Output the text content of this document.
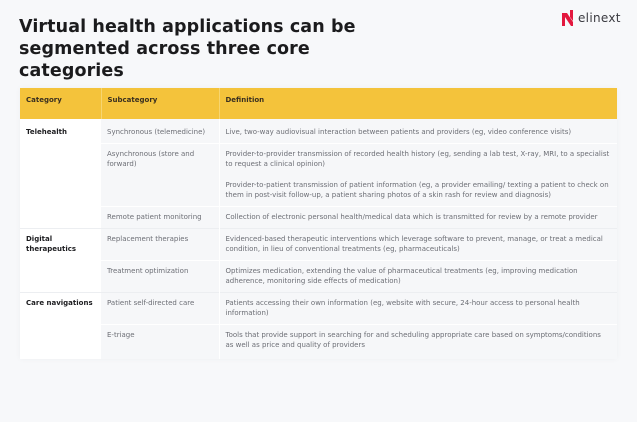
Virtual health applications can be segmented across three core categories
elinext
Category	Subcategory	Definition
Telehealth	Synchronous (telemedicine)	Live, two-way audiovisual interaction between patients and providers (eg, video conference visits)
	Asynchronous (store and forward)	Provider-to-provider transmission of recorded health history (eg, sending a lab test, X-ray, MRI, to a specialist to request a clinical opinion)
		Provider-to-patient transmission of patient information (eg, a provider emailing/ texting a patient to check on them in post-visit follow-up, a patient sharing photos of a skin rash for review and diagnosis)
	Remote patient monitoring	Collection of electronic personal health/medical data which is transmitted for review by a remote provider
Digital therapeutics	Replacement therapies	Evidenced-based therapeutic interventions which leverage software to prevent, manage, or treat a medical condition, in lieu of conventional treatments (eg, pharmaceuticals)
	Treatment optimization	Optimizes medication, extending the value of pharmaceutical treatments (eg, improving medication adherence, monitoring side effects of medication)
Care navigations	Patient self-directed care	Patients accessing their own information (eg, website with secure, 24-hour access to personal health information)
	E-triage	Tools that provide support in searching for and scheduling appropriate care based on symptoms/conditions as well as price and quality of providers
